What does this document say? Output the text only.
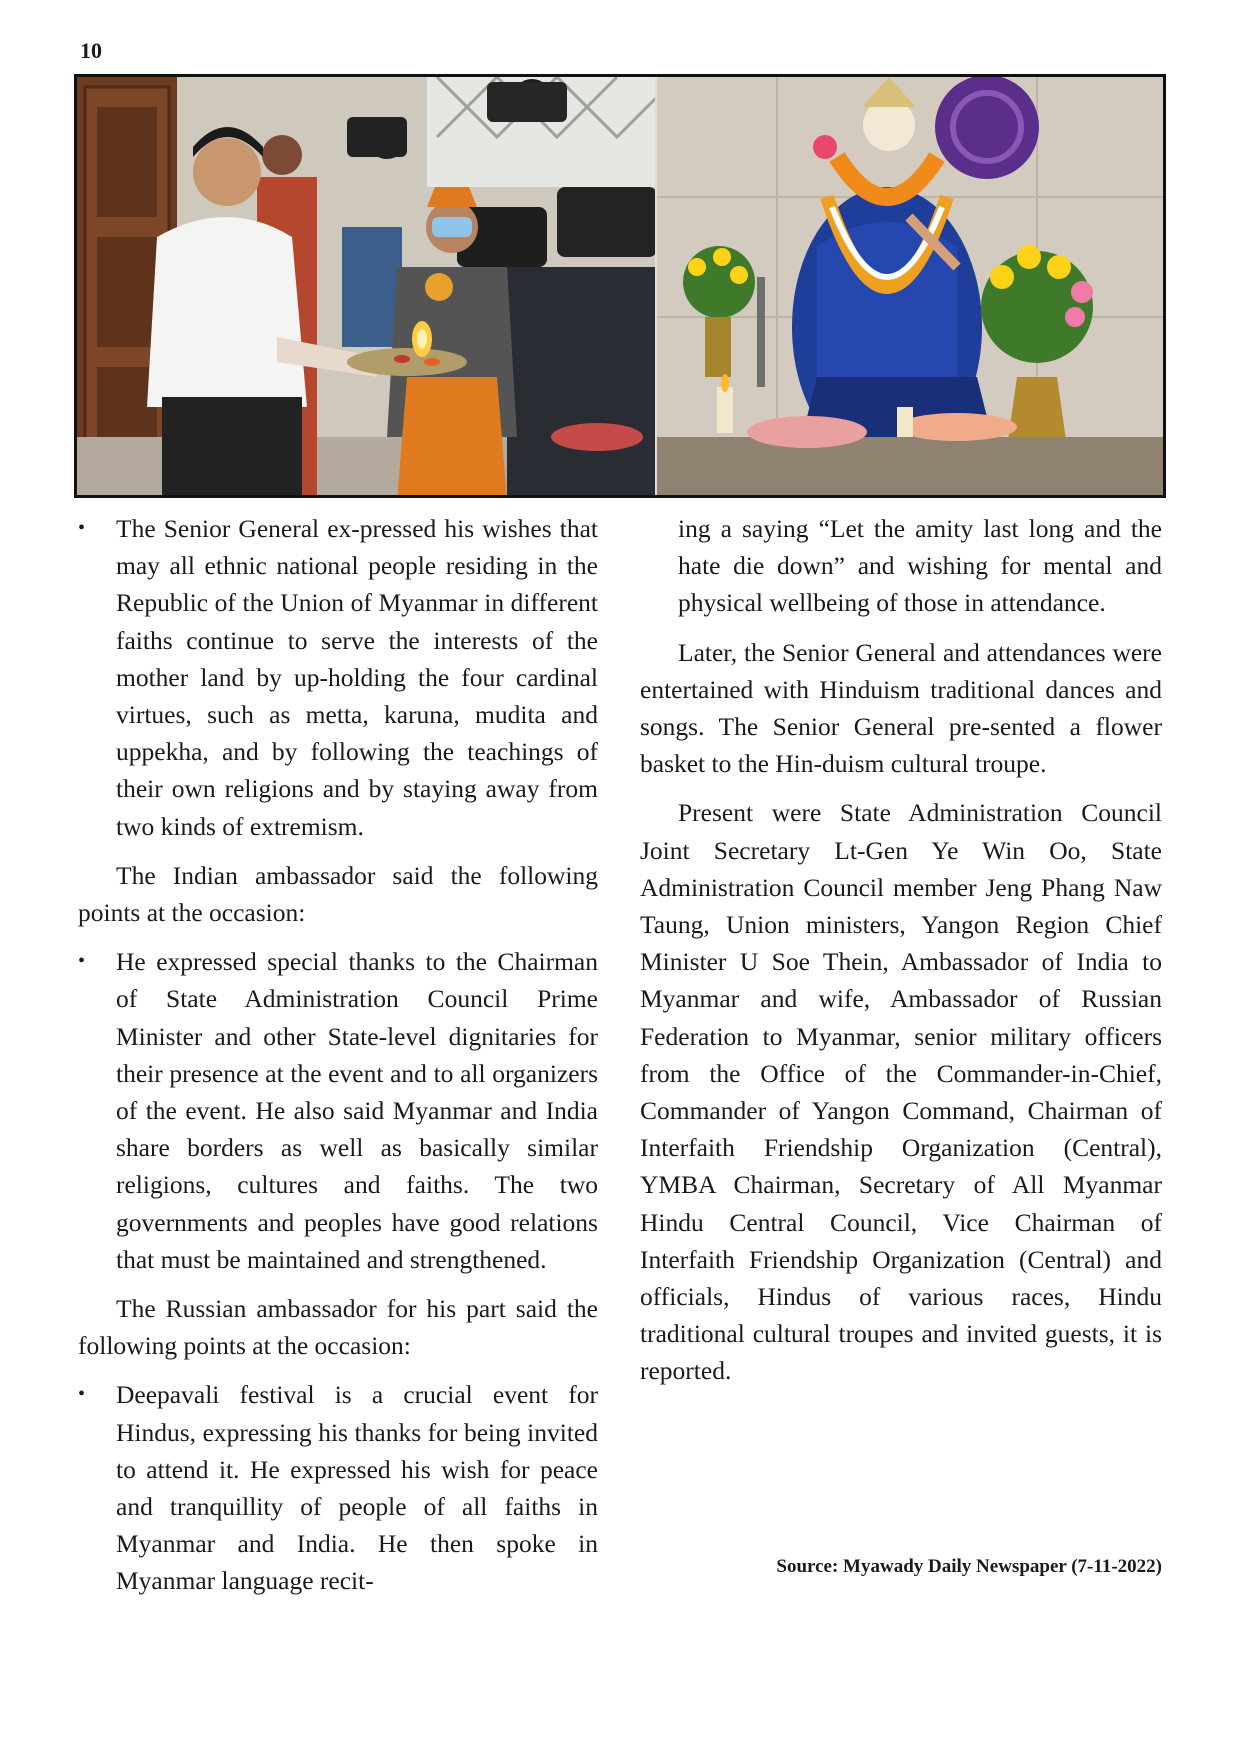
10

• The Senior General ex-pressed his wishes that may all ethnic national people residing in the Republic of the Union of Myanmar in different faiths continue to serve the interests of the mother land by up-holding the four cardinal virtues, such as metta, karuna, mudita and uppekha, and by following the teachings of their own religions and by staying away from two kinds of extremism.

The Indian ambassador said the following points at the occasion:

• He expressed special thanks to the Chairman of State Administration Council Prime Minister and other State-level dignitaries for their presence at the event and to all organizers of the event. He also said Myanmar and India share borders as well as basically similar religions, cultures and faiths. The two governments and peoples have good relations that must be maintained and strengthened.

The Russian ambassador for his part said the following points at the occasion:

• Deepavali festival is a crucial event for Hindus, expressing his thanks for being invited to attend it. He expressed his wish for peace and tranquillity of people of all faiths in Myanmar and India. He then spoke in Myanmar language recit-

ing a saying “Let the amity last long and the hate die down” and wishing for mental and physical wellbeing of those in attendance.

Later, the Senior General and attendances were entertained with Hinduism traditional dances and songs. The Senior General pre-sented a flower basket to the Hin-duism cultural troupe.

Present were State Administration Council Joint Secretary Lt-Gen Ye Win Oo, State Administration Council member Jeng Phang Naw Taung, Union ministers, Yangon Region Chief Minister U Soe Thein, Ambassador of India to Myanmar and wife, Ambassador of Russian Federation to Myanmar, senior military officers from the Office of the Commander-in-Chief, Commander of Yangon Command, Chairman of Interfaith Friendship Organization (Central), YMBA Chairman, Secretary of All Myanmar Hindu Central Council, Vice Chairman of Interfaith Friendship Organization (Central) and officials, Hindus of various races, Hindu traditional cultural troupes and invited guests, it is reported.

Source: Myawady Daily Newspaper (7-11-2022)
